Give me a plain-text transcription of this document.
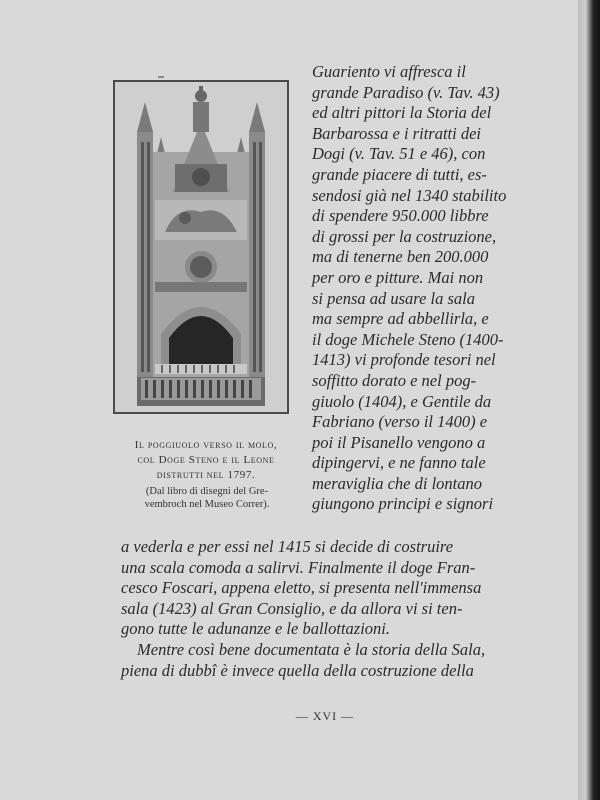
Il poggiuolo verso il molo,
col Doge Steno e il Leone
distrutti nel 1797.
(Dal libro di disegni del Gre-
vembroch nel Museo Correr).
Guariento vi affresca il
grande Paradiso (v. Tav. 43)
ed altri pittori la Storia del
Barbarossa e i ritratti dei
Dogi (v. Tav. 51 e 46), con
grande piacere di tutti, es-
sendosi già nel 1340 stabilito
di spendere 950.000 libbre
di grossi per la costruzione,
ma di tenerne ben 200.000
per oro e pitture. Mai non
si pensa ad usare la sala
ma sempre ad abbellirla, e
il doge Michele Steno (1400-
1413) vi profonde tesori nel
soffitto dorato e nel pog-
giuolo (1404), e Gentile da
Fabriano (verso il 1400) e
poi il Pisanello vengono a
dipingervi, e ne fanno tale
meraviglia che di lontano
giungono principi e signori
a vederla e per essi nel 1415 si decide di costruire
una scala comoda a salirvi. Finalmente il doge Fran-
cesco Foscari, appena eletto, si presenta nell'immensa
sala (1423) al Gran Consiglio, e da allora vi si ten-
gono tutte le adunanze e le ballottazioni.
Mentre così bene documentata è la storia della Sala,
piena di dubbî è invece quella della costruzione della
— XVI —
